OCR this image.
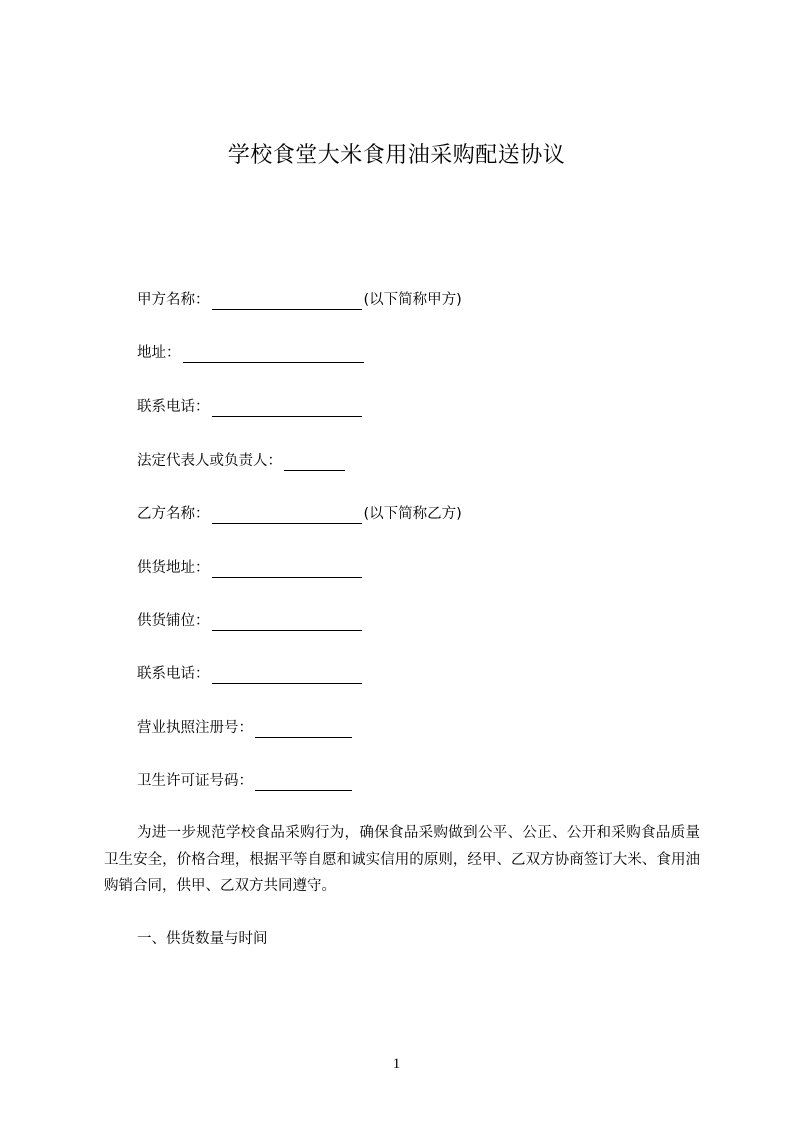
学校食堂大米食用油采购配送协议
甲方名称：	(以下简称甲方)
地址：
联系电话：
法定代表人或负责人：
乙方名称：	(以下简称乙方)
供货地址：
供货铺位：
联系电话：
营业执照注册号：
卫生许可证号码：

为进一步规范学校食品采购行为，确保食品采购做到公平、公正、公开和采购食品质量卫生安全，价格合理，根据平等自愿和诚实信用的原则，经甲、乙双方协商签订大米、食用油购销合同，供甲、乙双方共同遵守。

一、供货数量与时间
1
